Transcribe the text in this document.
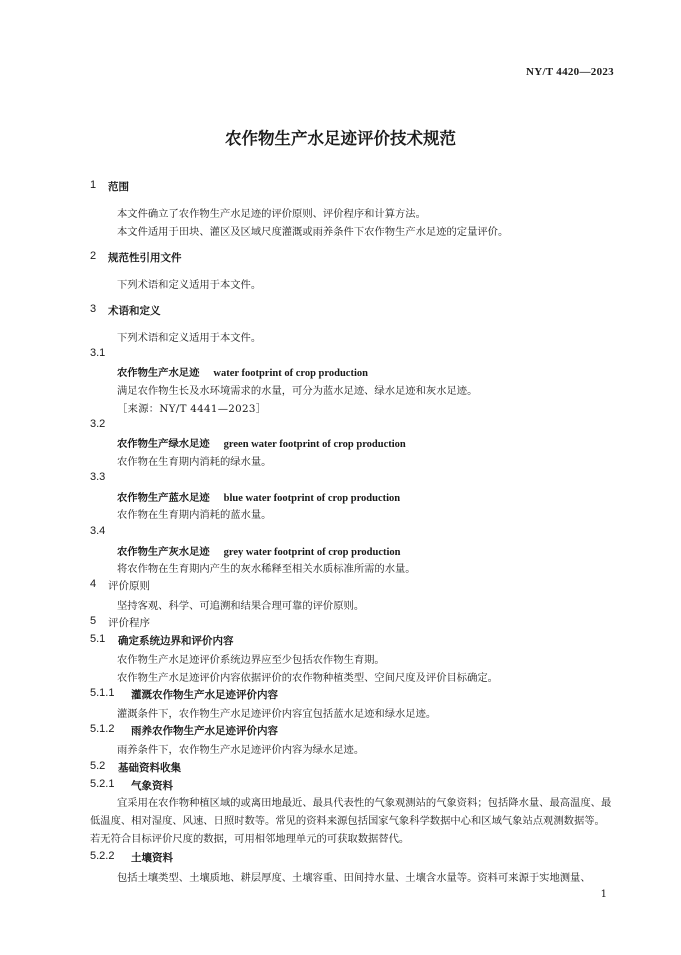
NY/T 4420—2023
农作物生产水足迹评价技术规范
1 范围
本文件确立了农作物生产水足迹的评价原则、评价程序和计算方法。
本文件适用于田块、灌区及区域尺度灌溉或雨养条件下农作物生产水足迹的定量评价。
2 规范性引用文件
下列术语和定义适用于本文件。
3 术语和定义
下列术语和定义适用于本文件。
3.1
农作物生产水足迹 water footprint of crop production
满足农作物生长及水环境需求的水量，可分为蓝水足迹、绿水足迹和灰水足迹。
［来源：NY/T 4441—2023］
3.2
农作物生产绿水足迹 green water footprint of crop production
农作物在生育期内消耗的绿水量。
3.3
农作物生产蓝水足迹 blue water footprint of crop production
农作物在生育期内消耗的蓝水量。
3.4
农作物生产灰水足迹 grey water footprint of crop production
将农作物在生育期内产生的灰水稀释至相关水质标准所需的水量。
4 评价原则
坚持客观、科学、可追溯和结果合理可靠的评价原则。
5 评价程序
5.1 确定系统边界和评价内容
农作物生产水足迹评价系统边界应至少包括农作物生育期。
农作物生产水足迹评价内容依据评价的农作物种植类型、空间尺度及评价目标确定。
5.1.1 灌溉农作物生产水足迹评价内容
灌溉条件下，农作物生产水足迹评价内容宜包括蓝水足迹和绿水足迹。
5.1.2 雨养农作物生产水足迹评价内容
雨养条件下，农作物生产水足迹评价内容为绿水足迹。
5.2 基础资料收集
5.2.1 气象资料
宜采用在农作物种植区域的或离田地最近、最具代表性的气象观测站的气象资料；包括降水量、最高温度、最低温度、相对湿度、风速、日照时数等。常见的资料来源包括国家气象科学数据中心和区域气象站点观测数据等。若无符合目标评价尺度的数据，可用相邻地理单元的可获取数据替代。
5.2.2 土壤资料
包括土壤类型、土壤质地、耕层厚度、土壤容重、田间持水量、土壤含水量等。资料可来源于实地测量、
1
